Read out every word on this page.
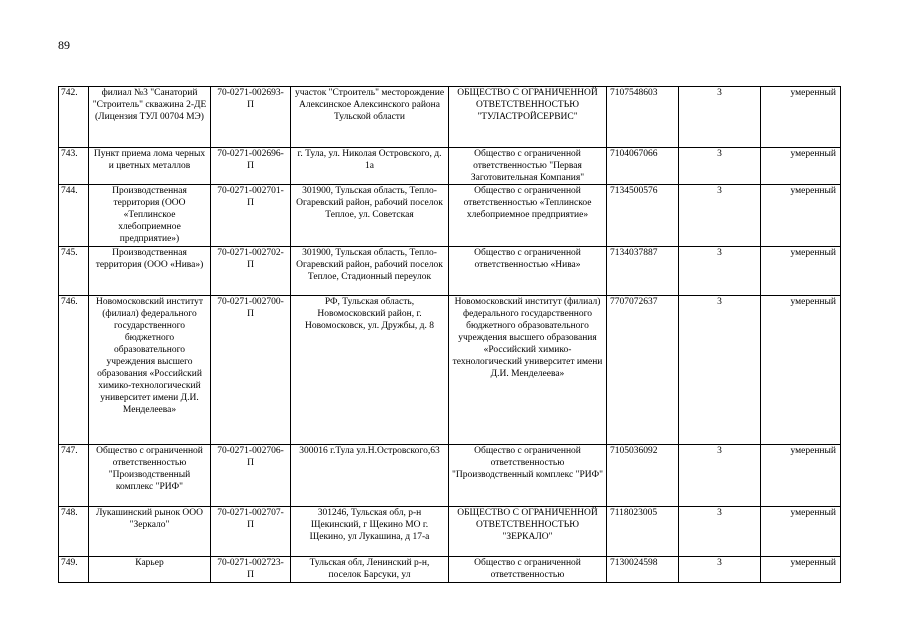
89
742.	филиал №3 "Санаторий "Строитель" скважина 2-ДЕ (Лицензия ТУЛ 00704 МЭ)	70-0271-002693-П	участок "Строитель" месторождение Алексинское Алексинского района Тульской области	ОБЩЕСТВО С ОГРАНИЧЕННОЙ ОТВЕТСТВЕННОСТЬЮ "ТУЛАСТРОЙСЕРВИС"	7107548603	3	умеренный
743.	Пункт приема лома черных и цветных металлов	70-0271-002696-П	г. Тула, ул. Николая Островского, д. 1а	Общество с ограниченной ответственностью "Первая Заготовительная Компания"	7104067066	3	умеренный
744.	Производственная территория (ООО «Теплинское хлебоприемное предприятие»)	70-0271-002701-П	301900, Тульская область, Тепло-Огаревский район, рабочий поселок Теплое, ул. Советская	Общество с ограниченной ответственностью «Теплинское хлебоприемное предприятие»	7134500576	3	умеренный
745.	Производственная территория (ООО «Нива»)	70-0271-002702-П	301900, Тульская область, Тепло-Огаревский район, рабочий поселок Теплое, Стадионный переулок	Общество с ограниченной ответственностью «Нива»	7134037887	3	умеренный
746.	Новомосковский институт (филиал) федерального государственного бюджетного образовательного учреждения высшего образования «Российский химико-технологический университет имени Д.И. Менделеева»	70-0271-002700-П	РФ, Тульская область, Новомосковский район, г. Новомосковск, ул. Дружбы, д. 8	Новомосковский институт (филиал) федерального государственного бюджетного образовательного учреждения высшего образования «Российский химико-технологический университет имени Д.И. Менделеева»	7707072637	3	умеренный
747.	Общество с ограниченной ответственностью "Производственный комплекс "РИФ"	70-0271-002706-П	300016 г.Тула ул.Н.Островского,63	Общество с ограниченной ответственностью "Производственный комплекс "РИФ"	7105036092	3	умеренный
748.	Лукашинский рынок ООО "Зеркало"	70-0271-002707-П	301246, Тульская обл, р-н Щекинский, г Щекино МО г. Щекино, ул Лукашина, д 17-а	ОБЩЕСТВО С ОГРАНИЧЕННОЙ ОТВЕТСТВЕННОСТЬЮ "ЗЕРКАЛО"	7118023005	3	умеренный
749.	Карьер	70-0271-002723-П	Тульская обл, Ленинский р-н, поселок Барсуки, ул	Общество с ограниченной ответственностью	7130024598	3	умеренный
